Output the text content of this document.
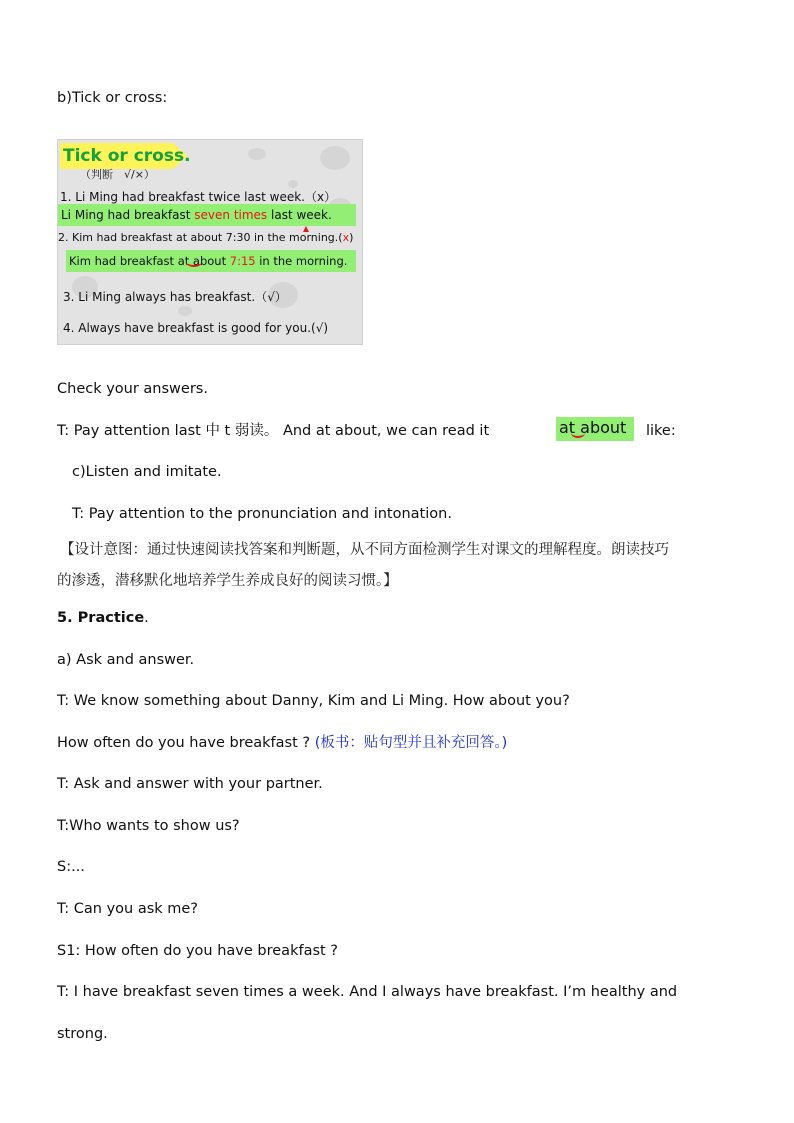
b)Tick or cross:
Tick or cross.
（判断　√/×）
1. Li Ming had breakfast twice last week.（x）
Li Ming had breakfast seven times last week.
2. Kim had breakfast at about 7:30 in the morning.(x)
Kim had breakfast at about 7:15 in the morning.
3. Li Ming always has breakfast.（√）
4. Always have breakfast is good for you.(√)
Check your answers.
T: Pay attention last 中 t 弱读。 And at about, we can read it	at about like:
c)Listen and imitate.
T: Pay attention to the pronunciation and intonation.
【设计意图：通过快速阅读找答案和判断题，从不同方面检测学生对课文的理解程度。朗读技巧
的渗透，潜移默化地培养学生养成良好的阅读习惯。】
5. Practice.
a) Ask and answer.
T: We know something about Danny, Kim and Li Ming. How about you?
How often do you have breakfast ? (板书：贴句型并且补充回答。)
T: Ask and answer with your partner.
T:Who wants to show us?
S:...
T: Can you ask me?
S1: How often do you have breakfast ?
T: I have breakfast seven times a week. And I always have breakfast. I’m healthy and
strong.
